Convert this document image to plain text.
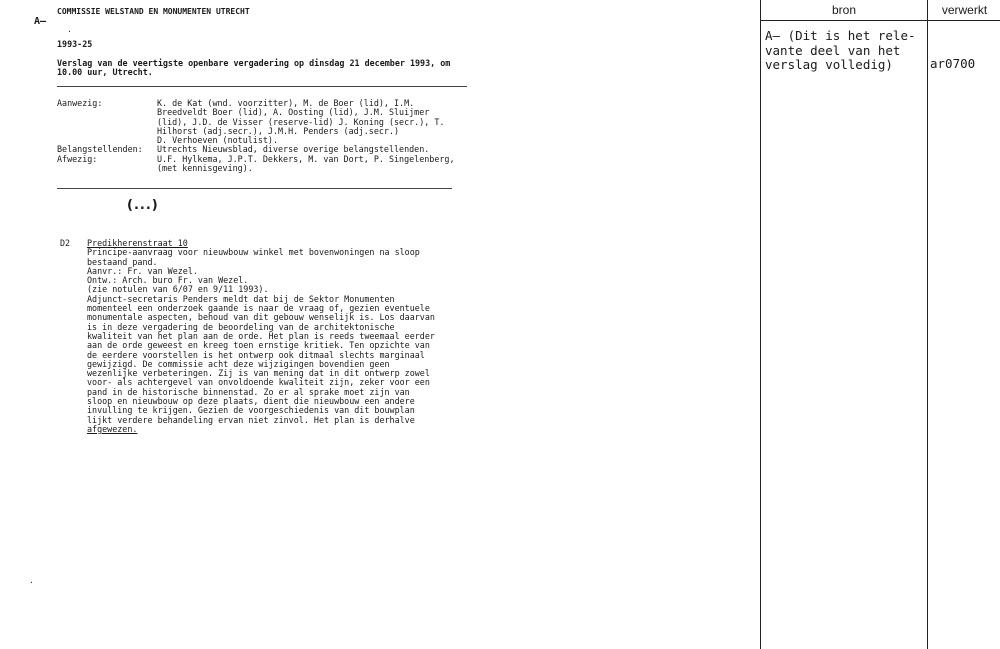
A–
COMMISSIE WELSTAND EN MONUMENTEN UTRECHT
·
1993-25
Verslag van de veertigste openbare vergadering op dinsdag 21 december 1993, om 10.00 uur, Utrecht.
Aanwezig:	K. de Kat (wnd. voorzitter), M. de Boer (lid), I.M.
Breedveldt Boer (lid), A. Oosting (lid), J.M. Sluijmer
(lid), J.D. de Visser (reserve-lid) J. Koning (secr.), T.
Hilhorst (adj.secr.), J.M.H. Penders (adj.secr.)
D. Verhoeven (notulist).
Belangstellenden:	Utrechts Nieuwsblad, diverse overige belangstellenden.
Afwezig:	U.F. Hylkema, J.P.T. Dekkers, M. van Dort, P. Singelenberg,
(met kennisgeving).
(...)
D2 Predikherenstraat 10
Principe-aanvraag voor nieuwbouw winkel met bovenwoningen na sloop
bestaand pand.
Aanvr.: Fr. van Wezel.
Ontw.: Arch. buro Fr. van Wezel.
(zie notulen van 6/07 en 9/11 1993).
Adjunct-secretaris Penders meldt dat bij de Sektor Monumenten
momenteel een onderzoek gaande is naar de vraag of, gezien eventuele
monumentale aspecten, behoud van dit gebouw wenselijk is. Los daarvan
is in deze vergadering de beoordeling van de architektonische
kwaliteit van het plan aan de orde. Het plan is reeds tweemaal eerder
aan de orde geweest en kreeg toen ernstige kritiek. Ten opzichte van
de eerdere voorstellen is het ontwerp ook ditmaal slechts marginaal
gewijzigd. De commissie acht deze wijzigingen bovendien geen
wezenlijke verbeteringen. Zij is van mening dat in dit ontwerp zowel
voor- als achtergevel van onvoldoende kwaliteit zijn, zeker voor een
pand in de historische binnenstad. Zo er al sprake moet zijn van
sloop en nieuwbouw op deze plaats, dient die nieuwbouw een andere
invulling te krijgen. Gezien de voorgeschiedenis van dit bouwplan
lijkt verdere behandeling ervan niet zinvol. Het plan is derhalve
afgewezen.
·
bron	verwerkt
A– (Dit is het rele-
vante deel van het
verslag volledig)	ar0700
